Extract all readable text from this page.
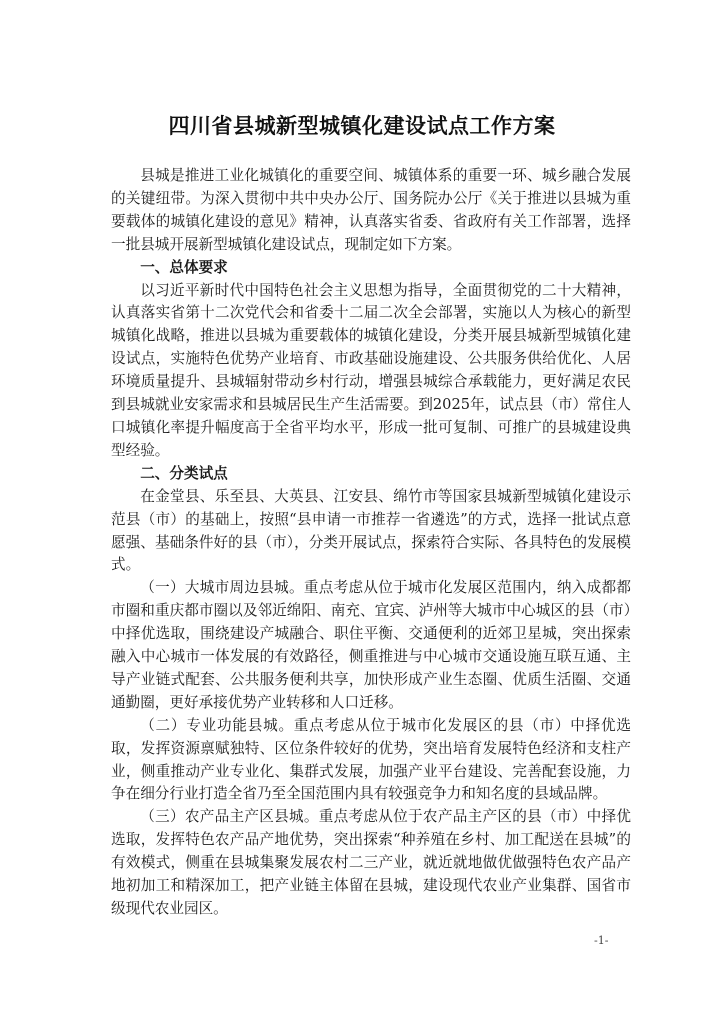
四川省县城新型城镇化建设试点工作方案

县城是推进工业化城镇化的重要空间、城镇体系的重要一环、城乡融合发展的关键纽带。为深入贯彻中共中央办公厅、国务院办公厅《关于推进以县城为重要载体的城镇化建设的意见》精神，认真落实省委、省政府有关工作部署，选择一批县城开展新型城镇化建设试点，现制定如下方案。

一、总体要求

以习近平新时代中国特色社会主义思想为指导，全面贯彻党的二十大精神，认真落实省第十二次党代会和省委十二届二次全会部署，实施以人为核心的新型城镇化战略，推进以县城为重要载体的城镇化建设，分类开展县城新型城镇化建设试点，实施特色优势产业培育、市政基础设施建设、公共服务供给优化、人居环境质量提升、县城辐射带动乡村行动，增强县城综合承载能力，更好满足农民到县城就业安家需求和县城居民生产生活需要。到2025年，试点县（市）常住人口城镇化率提升幅度高于全省平均水平，形成一批可复制、可推广的县城建设典型经验。

二、分类试点

在金堂县、乐至县、大英县、江安县、绵竹市等国家县城新型城镇化建设示范县（市）的基础上，按照“县申请一市推荐一省遴选”的方式，选择一批试点意愿强、基础条件好的县（市），分类开展试点，探索符合实际、各具特色的发展模式。

（一）大城市周边县城。重点考虑从位于城市化发展区范围内，纳入成都都市圈和重庆都市圈以及邻近绵阳、南充、宜宾、泸州等大城市中心城区的县（市）中择优选取，围绕建设产城融合、职住平衡、交通便利的近郊卫星城，突出探索融入中心城市一体发展的有效路径，侧重推进与中心城市交通设施互联互通、主导产业链式配套、公共服务便利共享，加快形成产业生态圈、优质生活圈、交通通勤圈，更好承接优势产业转移和人口迁移。

（二）专业功能县城。重点考虑从位于城市化发展区的县（市）中择优选取，发挥资源禀赋独特、区位条件较好的优势，突出培育发展特色经济和支柱产业，侧重推动产业专业化、集群式发展，加强产业平台建设、完善配套设施，力争在细分行业打造全省乃至全国范围内具有较强竞争力和知名度的县域品牌。

（三）农产品主产区县城。重点考虑从位于农产品主产区的县（市）中择优选取，发挥特色农产品产地优势，突出探索“种养殖在乡村、加工配送在县城”的有效模式，侧重在县城集聚发展农村二三产业，就近就地做优做强特色农产品产地初加工和精深加工，把产业链主体留在县城，建设现代农业产业集群、国省市级现代农业园区。

-1-
